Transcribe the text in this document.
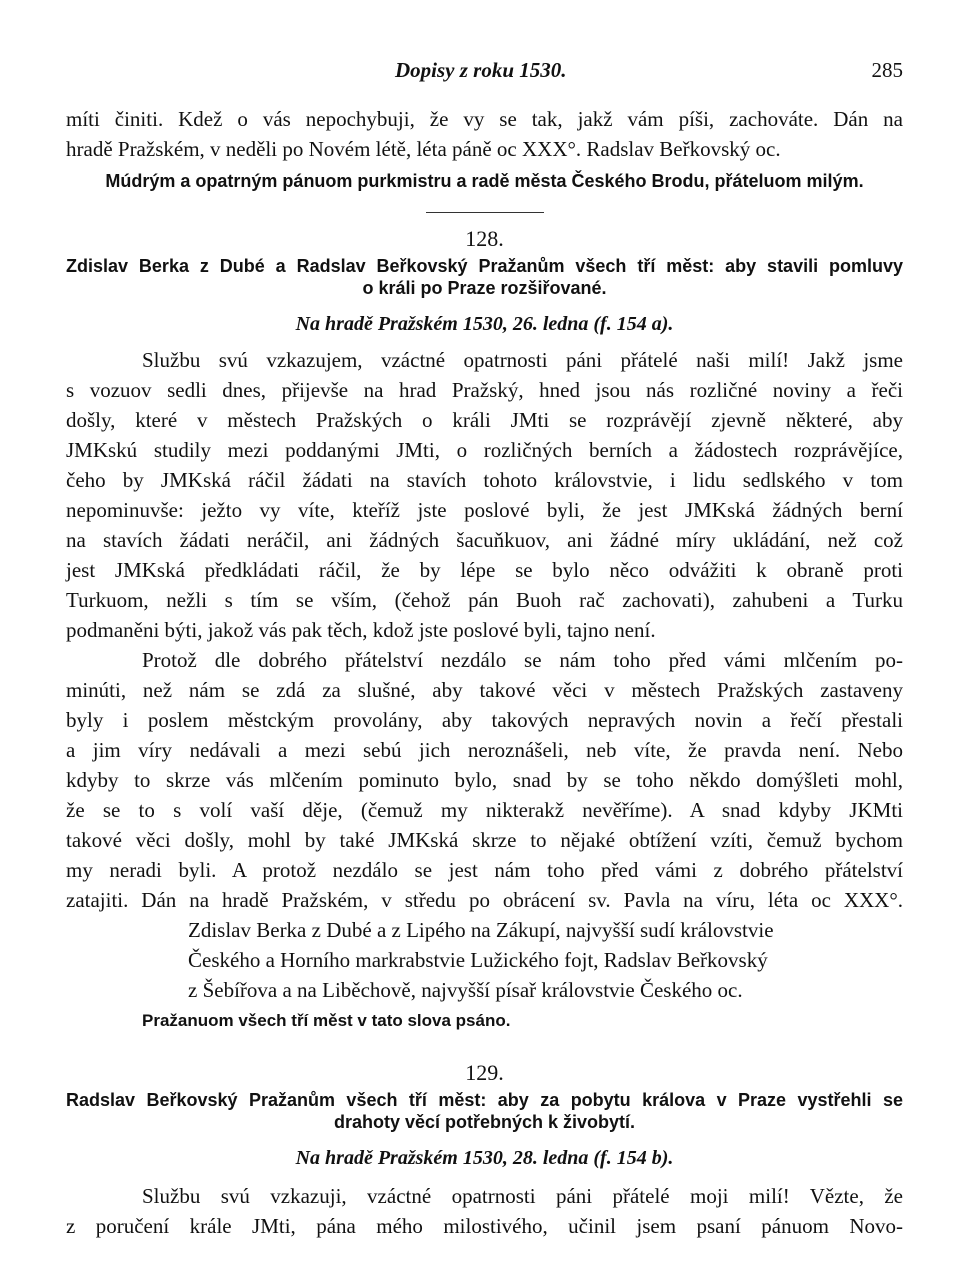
Dopisy z roku 1530.	285
míti činiti. Kdež o vás nepochybuji, že vy se tak, jakž vám píši, zachováte. Dán na
hradě Pražském, v neděli po Novém létě, léta páně oc XXX°. Radslav Beřkovský oc.
Múdrým a opatrným pánuom purkmistru a radě města Českého Brodu, přáteluom milým.
128.
Zdislav Berka z Dubé a Radslav Beřkovský Pražanům všech tří měst: aby stavili pomluvy
o králi po Praze rozšiřované.
Na hradě Pražském 1530, 26. ledna (f. 154 a).
Službu svú vzkazujem, vzáctné opatrnosti páni přátelé naši milí! Jakž jsme
s vozuov sedli dnes, přijevše na hrad Pražský, hned jsou nás rozličné noviny a řeči
došly, které v městech Pražských o králi JMti se rozprávějí zjevně některé, aby
JMKskú studily mezi poddanými JMti, o rozličných berních a žádostech rozprávějíce,
čeho by JMKská ráčil žádati na stavích tohoto královstvie, i lidu sedlského v tom
nepominuvše: ježto vy víte, kteříž jste poslové byli, že jest JMKská žádných berní
na stavích žádati neráčil, ani žádných šacuňkuov, ani žádné míry ukládání, než což
jest JMKská předkládati ráčil, že by lépe se bylo něco odvážiti k obraně proti
Turkuom, nežli s tím se vším, (čehož pán Buoh rač zachovati), zahubeni a Turku
podmaněni býti, jakož vás pak těch, kdož jste poslové byli, tajno není.
Protož dle dobrého přátelství nezdálo se nám toho před vámi mlčením po-
minúti, než nám se zdá za slušné, aby takové věci v městech Pražských zastaveny
byly i poslem městckým provolány, aby takových nepravých novin a řečí přestali
a jim víry nedávali a mezi sebú jich neroznášeli, neb víte, že pravda není. Nebo
kdyby to skrze vás mlčením pominuto bylo, snad by se toho někdo domýšleti mohl,
že se to s volí vaší děje, (čemuž my nikterakž nevěříme). A snad kdyby JKMti
takové věci došly, mohl by také JMKská skrze to nějaké obtížení vzíti, čemuž bychom
my neradi byli. A protož nezdálo se jest nám toho před vámi z dobrého přátelství
zatajiti. Dán na hradě Pražském, v středu po obrácení sv. Pavla na víru, léta oc XXX°.
Zdislav Berka z Dubé a z Lipého na Zákupí, najvyšší sudí královstvie
Českého a Horního markrabstvie Lužického fojt, Radslav Beřkovský
z Šebířova a na Liběchově, najvyšší písař královstvie Českého oc.
Pražanuom všech tří měst v tato slova psáno.
129.
Radslav Beřkovský Pražanům všech tří měst: aby za pobytu králova v Praze vystřehli se
drahoty věcí potřebných k živobytí.
Na hradě Pražském 1530, 28. ledna (f. 154 b).
Službu svú vzkazuji, vzáctné opatrnosti páni přátelé moji milí! Vězte, že
z poručení krále JMti, pána mého milostivého, učinil jsem psaní pánuom Novo-
